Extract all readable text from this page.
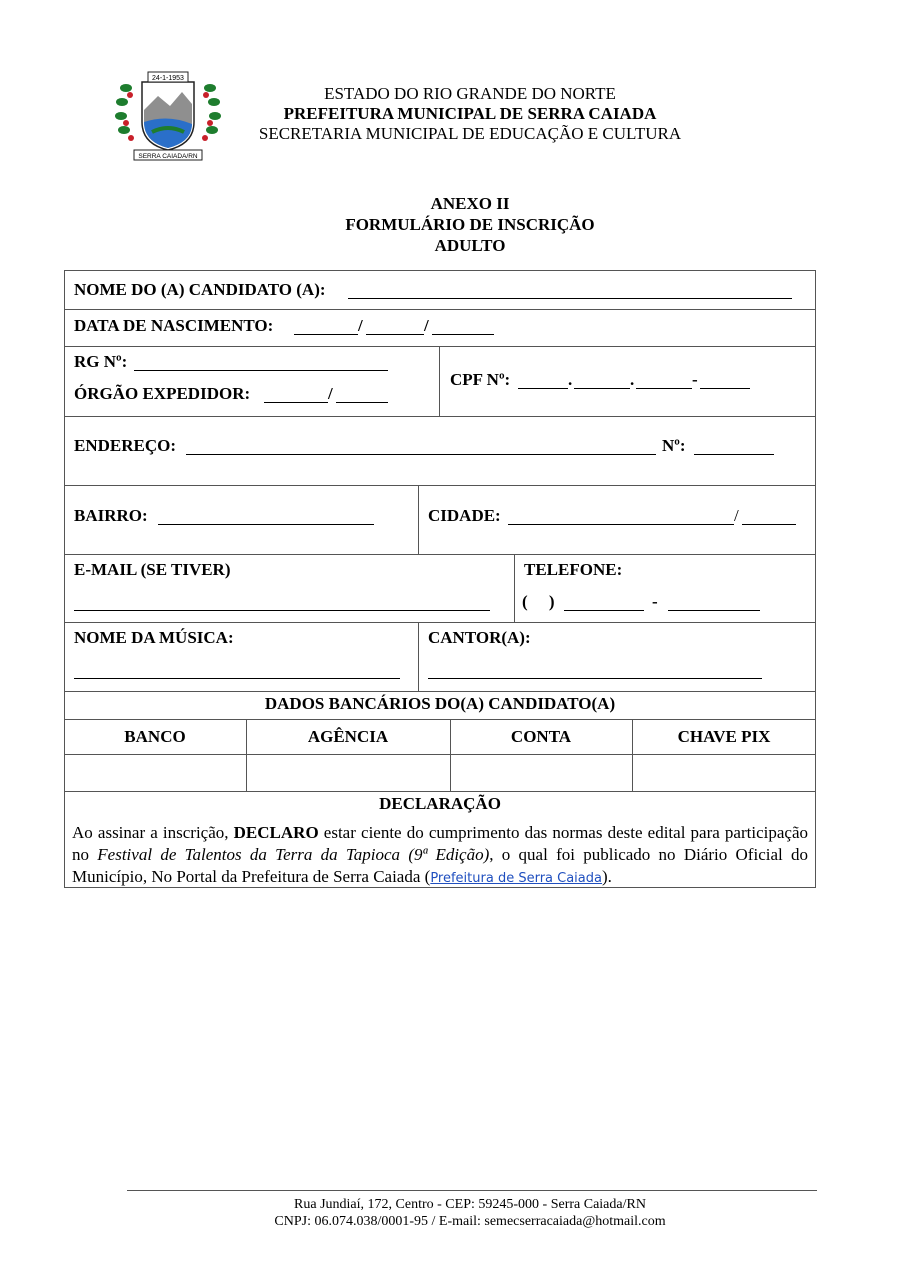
24-1-1953
SERRA CAIADA/RN
ESTADO DO RIO GRANDE DO NORTE
PREFEITURA MUNICIPAL DE SERRA CAIADA
SECRETARIA MUNICIPAL DE EDUCAÇÃO E CULTURA
ANEXO II
FORMULÁRIO DE INSCRIÇÃO
ADULTO
NOME DO (A) CANDIDATO (A):
DATA DE NASCIMENTO:	/	/
RG Nº:
ÓRGÃO EXPEDIDOR:	/
CPF Nº:	.	.	-
ENDEREÇO:	Nº:
BAIRRO:	CIDADE:	/
E-MAIL (SE TIVER)	TELEFONE:
(     )	-
NOME DA MÚSICA:	CANTOR(A):
DADOS BANCÁRIOS DO(A) CANDIDATO(A)
BANCO	AGÊNCIA	CONTA	CHAVE PIX
DECLARAÇÃO
Ao assinar a inscrição, DECLARO estar ciente do cumprimento das normas deste edital para participação no Festival de Talentos da Terra da Tapioca (9ª Edição), o qual foi publicado no Diário Oficial do Município, No Portal da Prefeitura de Serra Caiada (Prefeitura de Serra Caiada).
Rua Jundiaí, 172, Centro - CEP: 59245-000 - Serra Caiada/RN
CNPJ: 06.074.038/0001-95 / E-mail: semecserracaiada@hotmail.com
